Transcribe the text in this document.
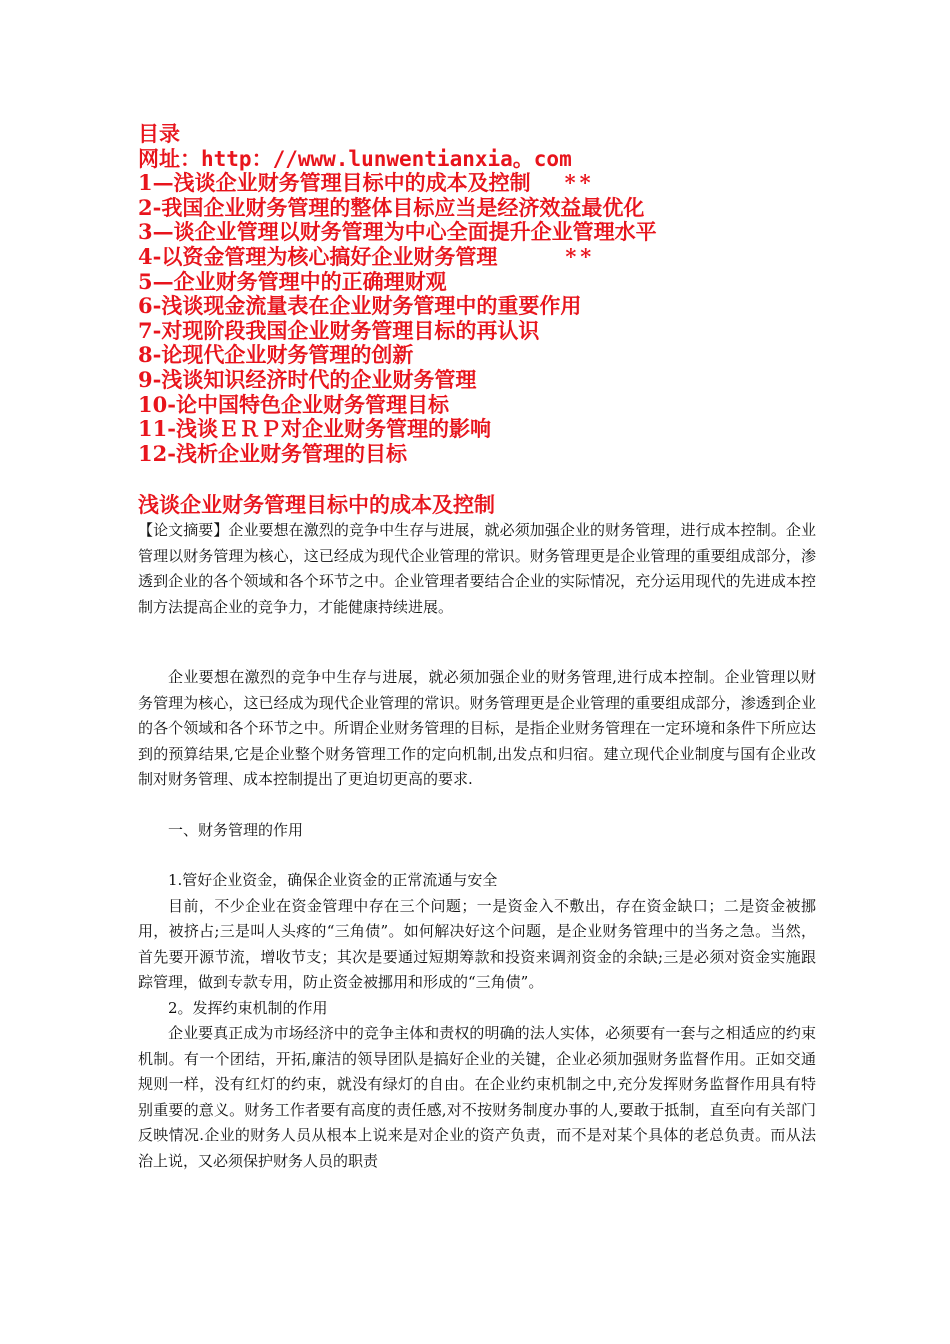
目录

网址：http：//www.lunwentianxia。com

1—浅谈企业财务管理目标中的成本及控制 **

2-我国企业财务管理的整体目标应当是经济效益最优化

3—谈企业管理以财务管理为中心全面提升企业管理水平

4-以资金管理为核心搞好企业财务管理	**

5—企业财务管理中的正确理财观

6-浅谈现金流量表在企业财务管理中的重要作用

7-对现阶段我国企业财务管理目标的再认识

8-论现代企业财务管理的创新

9-浅谈知识经济时代的企业财务管理

10-论中国特色企业财务管理目标

11-浅谈ＥＲＰ对企业财务管理的影响

12-浅析企业财务管理的目标

浅谈企业财务管理目标中的成本及控制

【论文摘要】企业要想在激烈的竞争中生存与进展，就必须加强企业的财务管理，进行成本控制。企业管理以财务管理为核心，这已经成为现代企业管理的常识。财务管理更是企业管理的重要组成部分，渗透到企业的各个领域和各个环节之中。企业管理者要结合企业的实际情况，充分运用现代的先进成本控制方法提高企业的竞争力，才能健康持续进展。

企业要想在激烈的竞争中生存与进展，就必须加强企业的财务管理,进行成本控制。企业管理以财务管理为核心，这已经成为现代企业管理的常识。财务管理更是企业管理的重要组成部分，渗透到企业的各个领域和各个环节之中。所谓企业财务管理的目标，是指企业财务管理在一定环境和条件下所应达到的预算结果,它是企业整个财务管理工作的定向机制,出发点和归宿。建立现代企业制度与国有企业改制对财务管理、成本控制提出了更迫切更高的要求.

一、财务管理的作用

1.管好企业资金，确保企业资金的正常流通与安全

目前，不少企业在资金管理中存在三个问题；一是资金入不敷出，存在资金缺口；二是资金被挪用，被挤占;三是叫人头疼的“三角债”。如何解决好这个问题，是企业财务管理中的当务之急。当然，首先要开源节流，增收节支；其次是要通过短期筹款和投资来调剂资金的余缺;三是必须对资金实施跟踪管理，做到专款专用，防止资金被挪用和形成的“三角债”。

2。发挥约束机制的作用

企业要真正成为市场经济中的竞争主体和责权的明确的法人实体，必须要有一套与之相适应的约束机制。有一个团结，开拓,廉洁的领导团队是搞好企业的关键，企业必须加强财务监督作用。正如交通规则一样，没有红灯的约束，就没有绿灯的自由。在企业约束机制之中,充分发挥财务监督作用具有特别重要的意义。财务工作者要有高度的责任感,对不按财务制度办事的人,要敢于抵制，直至向有关部门反映情况.企业的财务人员从根本上说来是对企业的资产负责，而不是对某个具体的老总负责。而从法治上说，又必须保护财务人员的职责
